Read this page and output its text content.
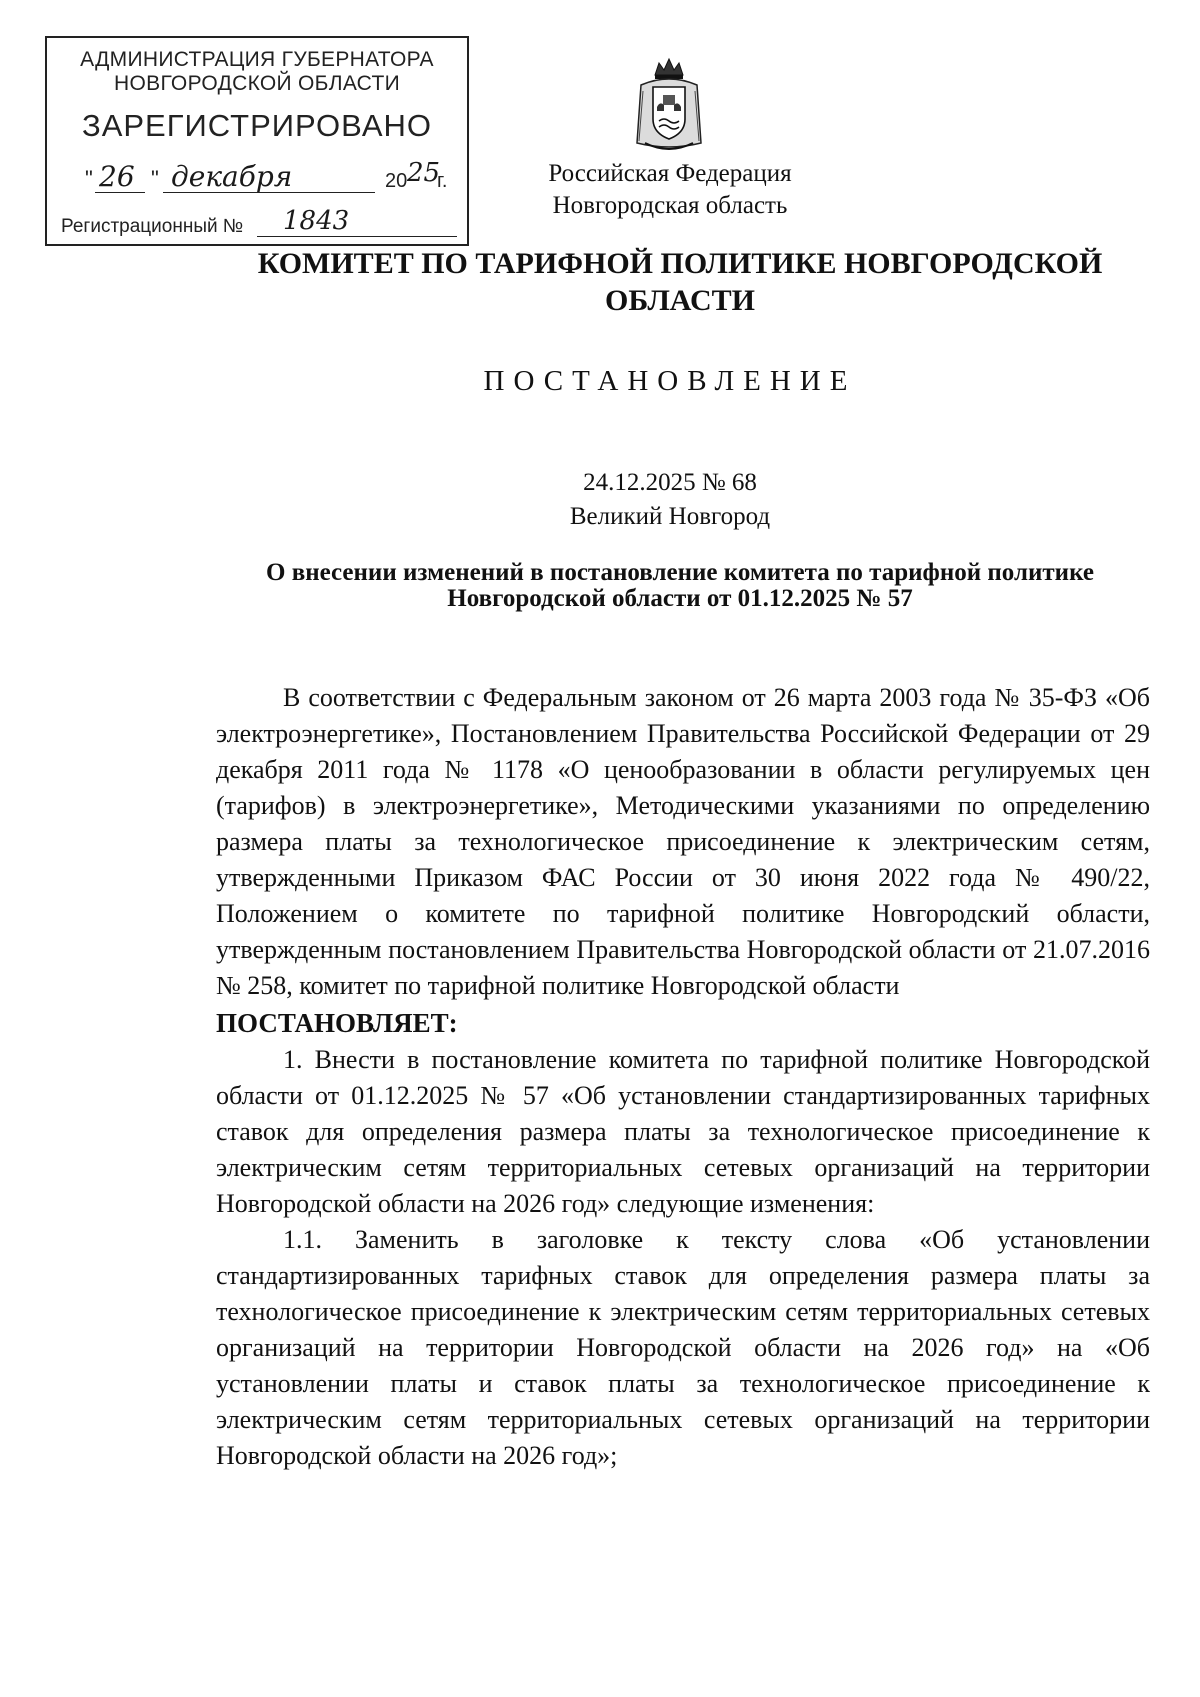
АДМИНИСТРАЦИЯ ГУБЕРНАТОРА
НОВГОРОДСКОЙ ОБЛАСТИ
ЗАРЕГИСТРИРОВАНО
" 26 " декабря	20 25
г.
Регистрационный № 1843
Российская Федерация
Новгородская область
КОМИТЕТ ПО ТАРИФНОЙ ПОЛИТИКЕ НОВГОРОДСКОЙ
ОБЛАСТИ
ПОСТАНОВЛЕНИЕ
24.12.2025 № 68
Великий Новгород
О внесении изменений в постановление комитета по тарифной политике
Новгородской области от 01.12.2025 № 57

В соответствии с Федеральным законом от 26 марта 2003 года № 35-ФЗ «Об электроэнергетике», Постановлением Правительства Российской Федерации от 29 декабря 2011 года № 1178 «О ценообразовании в области регулируемых цен (тарифов) в электроэнергетике», Методическими указаниями по определению размера платы за технологическое присоединение к электрическим сетям, утвержденными Приказом ФАС России от 30 июня 2022 года № 490/22, Положением о комитете по тарифной политике Новгородский области, утвержденным постановлением Правительства Новгородской области от 21.07.2016 № 258, комитет по тарифной политике Новгородской области

ПОСТАНОВЛЯЕТ:

1. Внести в постановление комитета по тарифной политике Новгородской области от 01.12.2025 № 57 «Об установлении стандартизированных тарифных ставок для определения размера платы за технологическое присоединение к электрическим сетям территориальных сетевых организаций на территории Новгородской области на 2026 год» следующие изменения:

1.1. Заменить в заголовке к тексту слова «Об установлении стандартизированных тарифных ставок для определения размера платы за технологическое присоединение к электрическим сетям территориальных сетевых организаций на территории Новгородской области на 2026 год» на «Об установлении платы и ставок платы за технологическое присоединение к электрическим сетям территориальных сетевых организаций на территории Новгородской области на 2026 год»;
